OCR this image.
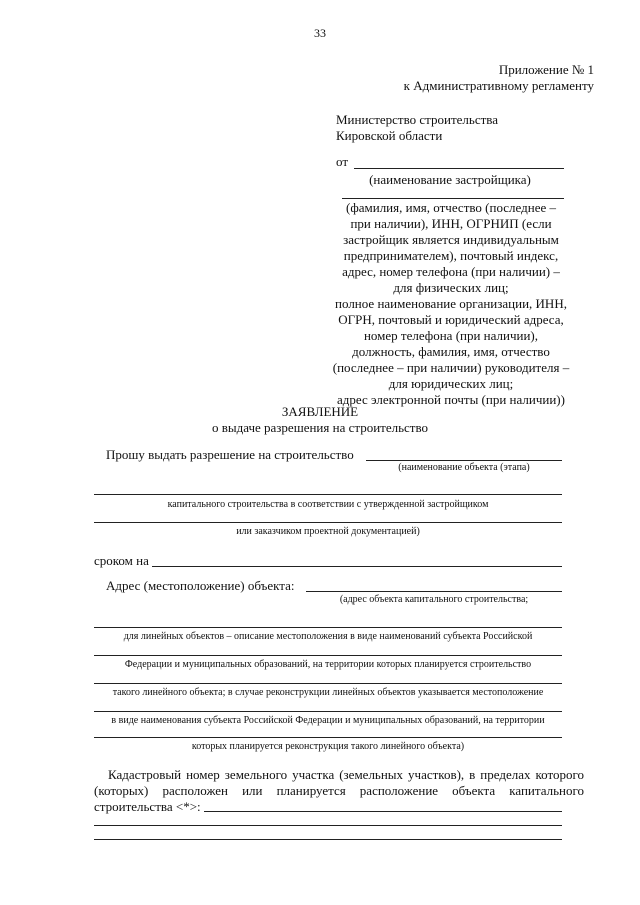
33
Приложение № 1
к Административному регламенту
Министерство строительства
Кировской области
от
(наименование застройщика)
(фамилия, имя, отчество (последнее –
при наличии), ИНН, ОГРНИП (если
застройщик является индивидуальным
предпринимателем), почтовый индекс,
адрес, номер телефона (при наличии) –
для физических лиц;
полное наименование организации, ИНН,
ОГРН, почтовый и юридический адреса,
номер телефона (при наличии),
должность, фамилия, имя, отчество
(последнее – при наличии) руководителя –
для юридических лиц;
адрес электронной почты (при наличии))
ЗАЯВЛЕНИЕ
о выдаче разрешения на строительство
Прошу выдать разрешение на строительство
(наименование объекта (этапа)
капитального строительства в соответствии с утвержденной застройщиком
или заказчиком проектной документацией)
сроком на
Адрес (местоположение) объекта:
(адрес объекта капитального строительства;
для линейных объектов – описание местоположения в виде наименований субъекта Российской
Федерации и муниципальных образований, на территории которых планируется строительство
такого линейного объекта; в случае реконструкции линейных объектов указывается местоположение
в виде наименования субъекта Российской Федерации и муниципальных образований, на территории
которых планируется реконструкция такого линейного объекта)
Кадастровый номер земельного участка (земельных участков), в пределах которого
(которых) расположен или планируется расположение объекта капитального
строительства <*>:
